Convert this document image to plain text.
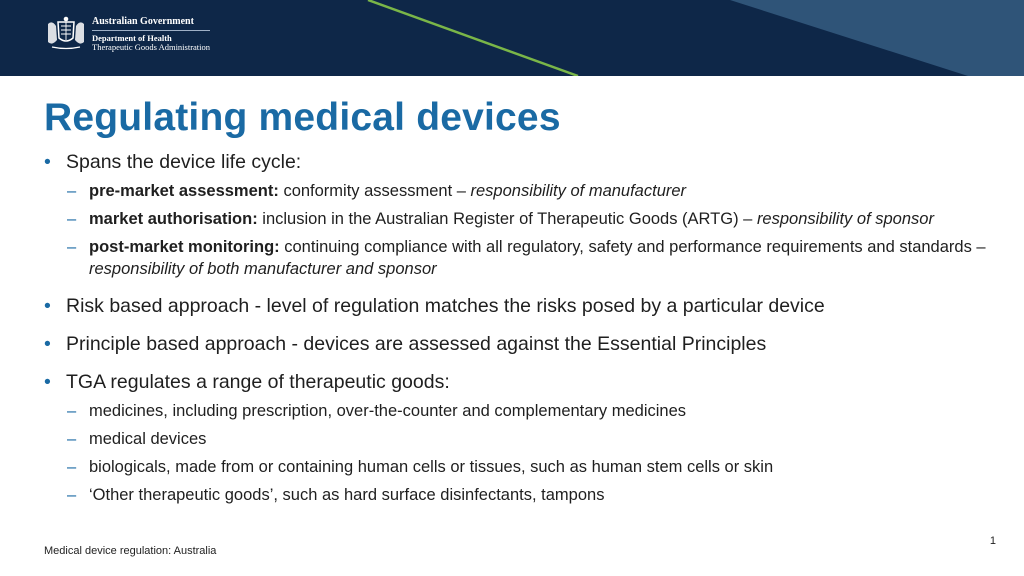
Australian Government
Department of Health
Therapeutic Goods Administration
Regulating medical devices
• Spans the device life cycle:
– pre-market assessment: conformity assessment – responsibility of manufacturer
– market authorisation: inclusion in the Australian Register of Therapeutic Goods (ARTG) – responsibility of sponsor
– post-market monitoring: continuing compliance with all regulatory, safety and performance requirements and standards – responsibility of both manufacturer and sponsor
• Risk based approach - level of regulation matches the risks posed by a particular device
• Principle based approach - devices are assessed against the Essential Principles
• TGA regulates a range of therapeutic goods:
– medicines, including prescription, over-the-counter and complementary medicines
– medical devices
– biologicals, made from or containing human cells or tissues, such as human stem cells or skin
– ‘Other therapeutic goods’, such as hard surface disinfectants, tampons
Medical device regulation: Australia
1
